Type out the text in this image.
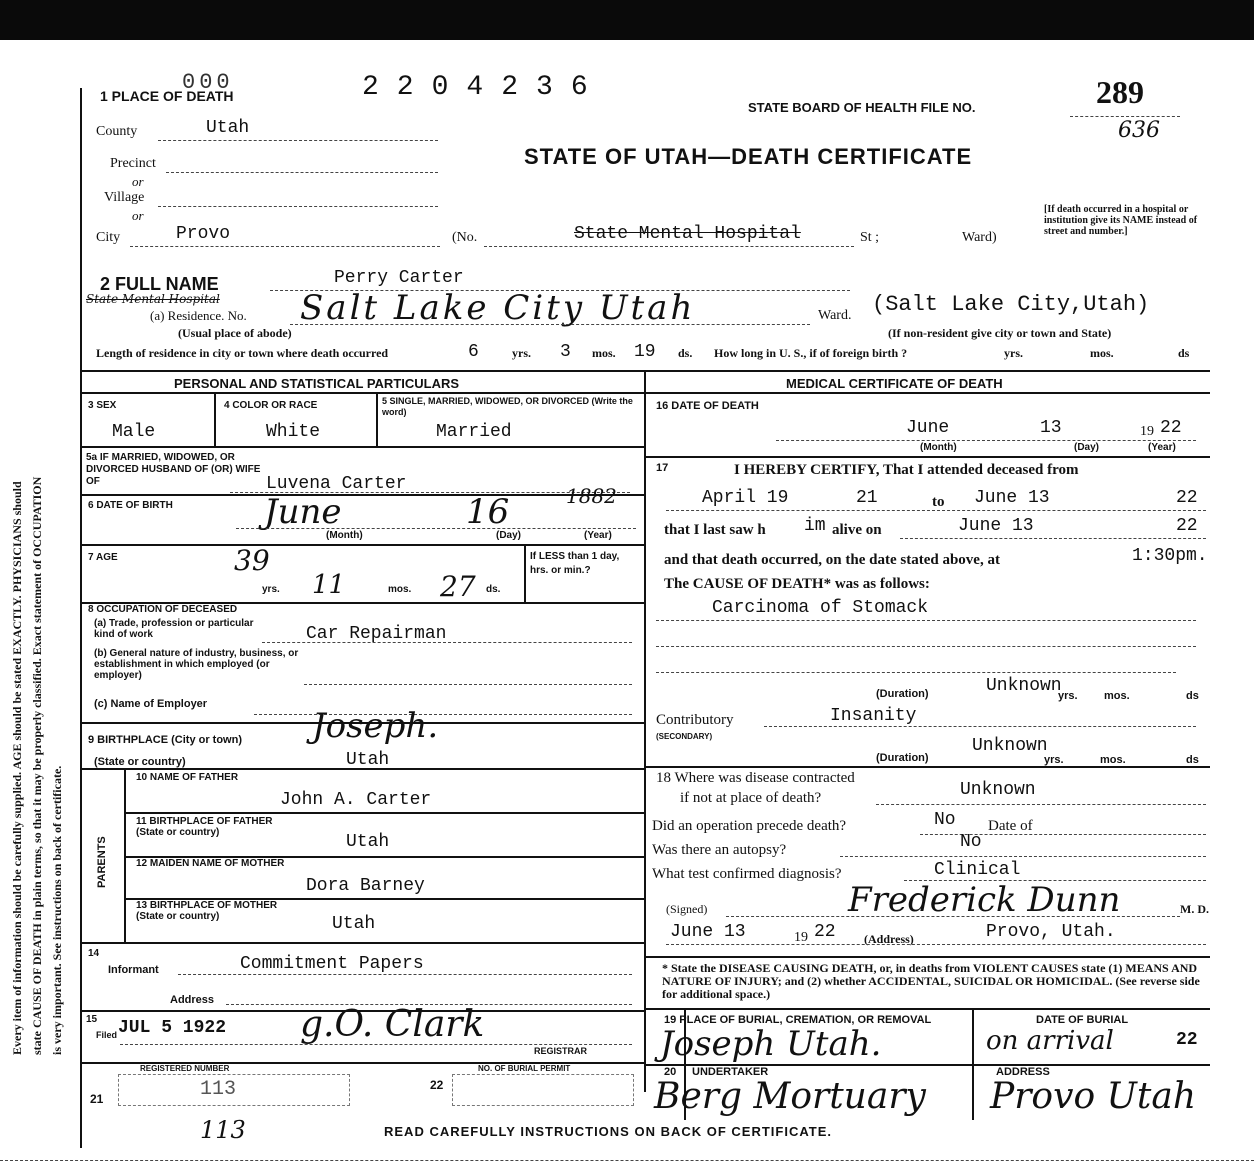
Every item of information should be carefully supplied. AGE should be stated EXACTLY. PHYSICIANS should state CAUSE OF DEATH in plain terms, so that it may be properly classified. Exact statement of OCCUPATION is very important. See instructions on back of certificate.
1 PLACE OF DEATH
000	2204236
STATE BOARD OF HEALTH FILE NO.	289
636
STATE OF UTAH—DEATH CERTIFICATE
County	Utah
Precinct
or
Village
or
City	Provo	(No.	State Mental Hospital	St ;	Ward)
[If death occurred in a hospital or institution give its NAME instead of street and number.]
2 FULL NAME	Perry Carter
State Mental Hospital
(a) Residence. No. Salt Lake City Utah	Ward. (Salt Lake City,Utah)
(Usual place of abode)	(If non-resident give city or town and State)
Length of residence in city or town where death occurred	6	yrs. 3 mos. 19 ds. How long in U. S., if of foreign birth ?	yrs.	mos.	ds
PERSONAL AND STATISTICAL PARTICULARS
3 SEX
Male
4 COLOR OR RACE
White
5 SINGLE, MARRIED, WIDOWED, OR DIVORCED (Write the word)
Married
5a IF MARRIED, WIDOWED, OR DIVORCED HUSBAND OF (OR) WIFE OF	Luvena Carter
6 DATE OF BIRTH	June	16	1882
(Month)	(Day)	(Year)
7 AGE	39
11	27
yrs.	mos.	ds.
If LESS than 1 day, hrs. or min.?
8 OCCUPATION OF DECEASED
(a) Trade, profession or particular kind of work	Car Repairman
(b) General nature of industry, business, or establishment in which employed (or employer)
(c) Name of Employer
9 BIRTHPLACE (City or town) Joseph.
(State or country)	Utah
PARENTS
10 NAME OF FATHER
John A. Carter
11 BIRTHPLACE OF FATHER (State or country)	Utah
12 MAIDEN NAME OF MOTHER
Dora Barney
13 BIRTHPLACE OF MOTHER (State or country)	Utah
14
Informant	Commitment Papers
Address
15
Filed JUL 5 1922 g.O. Clark
REGISTRAR
REGISTERED NUMBER
21	113
NO. OF BURIAL PERMIT
22
113
MEDICAL CERTIFICATE OF DEATH
16 DATE OF DEATH
June	13	19 22
(Month)	(Day)	(Year)
17	I HEREBY CERTIFY, That I attended deceased from
April 19	21	to June 13	22
that I last saw h im alive on	June 13	22
and that death occurred, on the date stated above, at	1:30pm.
The CAUSE OF DEATH* was as follows:
Carcinoma of Stomack
(Duration)	Unknown
yrs. mos.	ds
Contributory
(SECONDARY)
Insanity
(Duration)
Unknown
yrs.	mos.	ds
18 Where was disease contracted
if not at place of death?	Unknown
Did an operation precede death?	No Date of
Was there an autopsy?	No
What test confirmed diagnosis?	Clinical
(Signed)	Frederick Dunn	M. D.
June 13	19 22 (Address)	Provo, Utah.
* State the DISEASE CAUSING DEATH, or, in deaths from VIOLENT CAUSES state (1) MEANS AND NATURE OF INJURY; and (2) whether ACCIDENTAL, SUICIDAL OR HOMICIDAL. (See reverse side for additional space.)
19 PLACE OF BURIAL, CREMATION, OR REMOVAL
Joseph Utah.
DATE OF BURIAL
on arrival	22
20 UNDERTAKER
Berg Mortuary
ADDRESS
Provo Utah
READ CAREFULLY INSTRUCTIONS ON BACK OF CERTIFICATE.
